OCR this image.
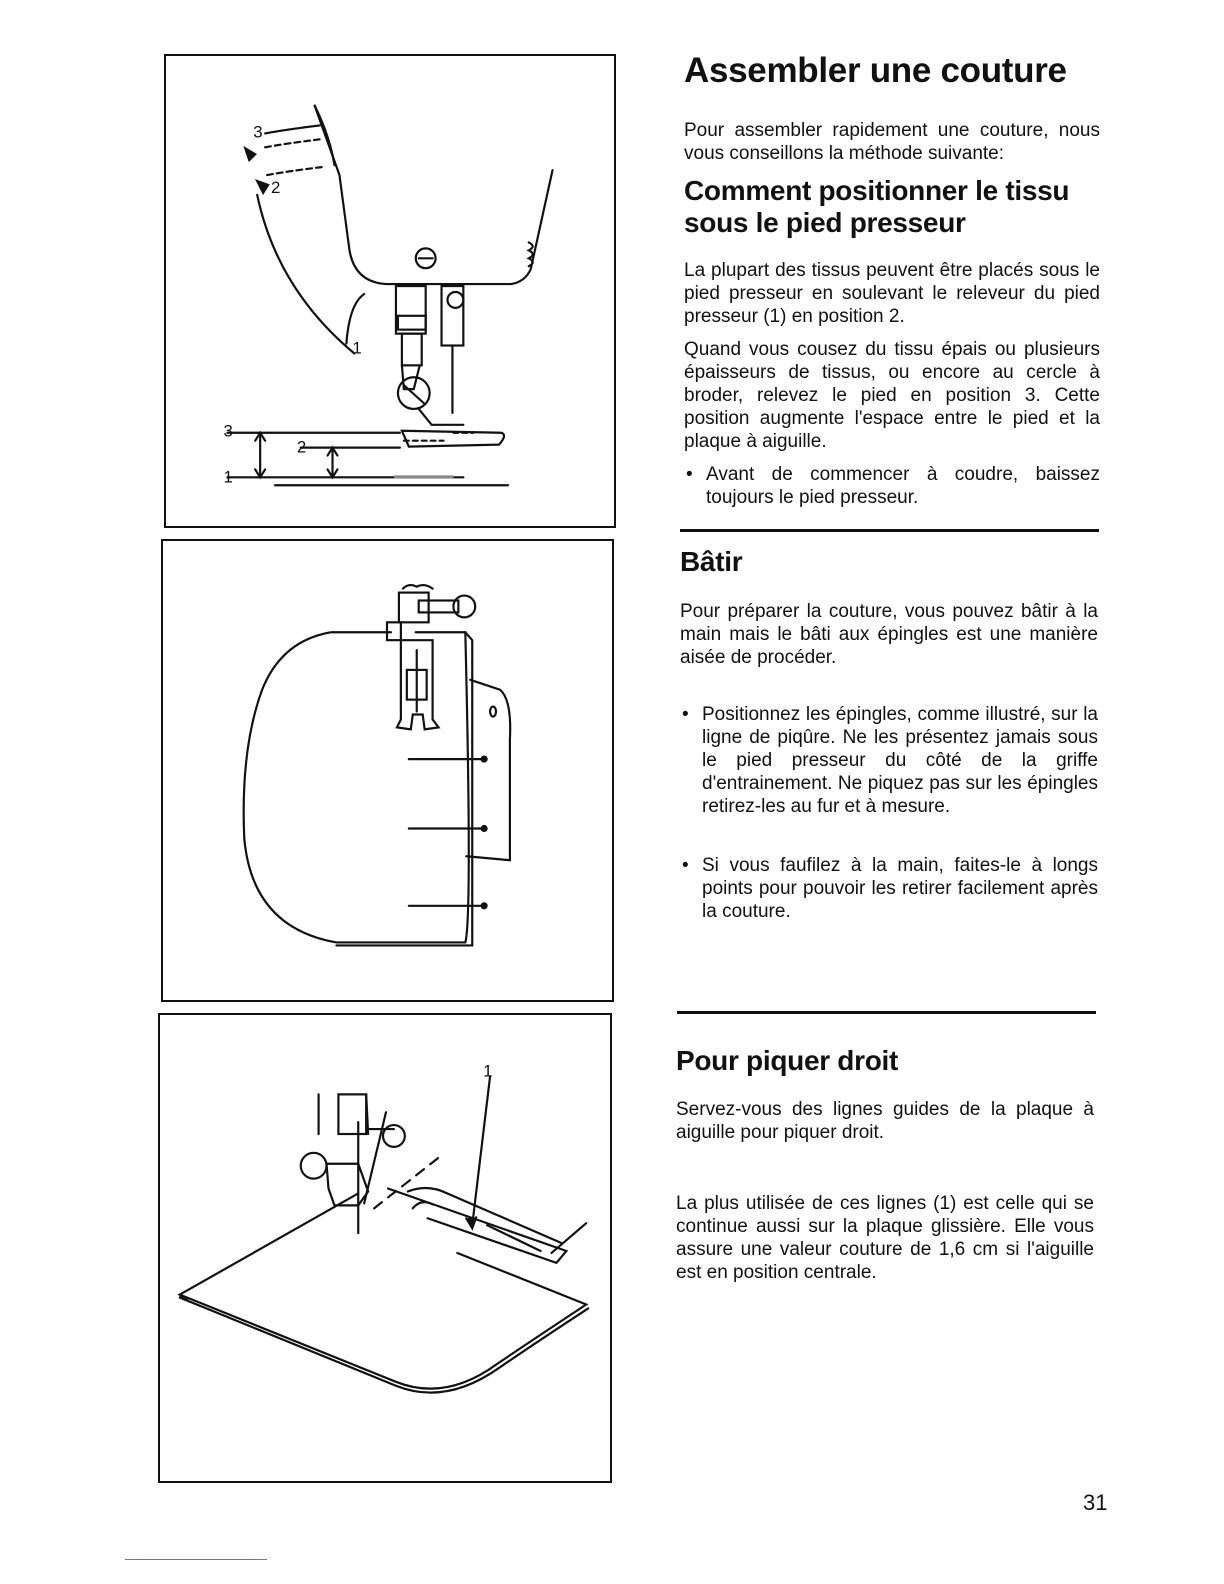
3
2
1
3
2
1
1
Assembler une couture

Pour assembler rapidement une couture, nous vous conseillons la méthode suivante:

Comment positionner le tissu
sous le pied presseur

La plupart des tissus peuvent être placés sous le pied presseur en soulevant le releveur du pied presseur (1) en position 2.

Quand vous cousez du tissu épais ou plusieurs épaisseurs de tissus, ou encore au cercle à broder, relevez le pied en position 3. Cette position augmente l'espace entre le pied et la plaque à aiguille.

• Avant de commencer à coudre, baissez toujours le pied presseur.
Bâtir

Pour préparer la couture, vous pouvez bâtir à la main mais le bâti aux épingles est une manière aisée de procéder.

• Positionnez les épingles, comme illustré, sur la ligne de piqûre. Ne les présentez jamais sous le pied presseur du côté de la griffe d'entrainement. Ne piquez pas sur les épingles retirez-les au fur et à mesure.
• Si vous faufilez à la main, faites-le à longs points pour pouvoir les retirer facilement après la couture.
Pour piquer droit

Servez-vous des lignes guides de la plaque à aiguille pour piquer droit.

La plus utilisée de ces lignes (1) est celle qui se continue aussi sur la plaque glissière. Elle vous assure une valeur couture de 1,6 cm si l'aiguille est en position centrale.

31
